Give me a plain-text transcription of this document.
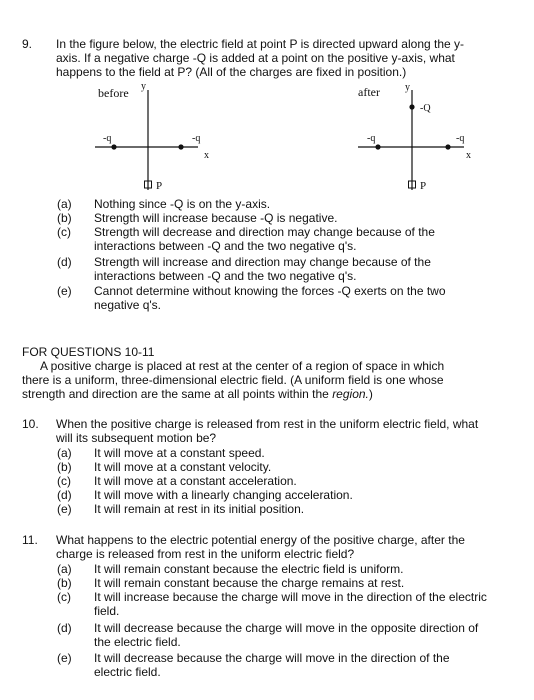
9. In the figure below, the electric field at point P is directed upward along the y-
axis. If a negative charge -Q is added at a point on the positive y-axis, what
happens to the field at P? (All of the charges are fixed in position.)
before y
x
-q	-q
P
after	y
-Q
x
-q	-q
P
(a) Nothing since -Q is on the y-axis.
(b) Strength will increase because -Q is negative.
(c) Strength will decrease and direction may change because of the
interactions between -Q and the two negative q's.
(d) Strength will increase and direction may change because of the
interactions between -Q and the two negative q's.
(e) Cannot determine without knowing the forces -Q exerts on the two
negative q's.
FOR QUESTIONS 10-11
A positive charge is placed at rest at the center of a region of space in which
there is a uniform, three-dimensional electric field. (A uniform field is one whose
strength and direction are the same at all points within the region.)
10. When the positive charge is released from rest in the uniform electric field, what
will its subsequent motion be?
(a) It will move at a constant speed.
(b) It will move at a constant velocity.
(c) It will move at a constant acceleration.
(d) It will move with a linearly changing acceleration.
(e) It will remain at rest in its initial position.
11. What happens to the electric potential energy of the positive charge, after the
charge is released from rest in the uniform electric field?
(a) It will remain constant because the electric field is uniform.
(b) It will remain constant because the charge remains at rest.
(c) It will increase because the charge will move in the direction of the electric
field.
(d) It will decrease because the charge will move in the opposite direction of
the electric field.
(e) It will decrease because the charge will move in the direction of the
electric field.
